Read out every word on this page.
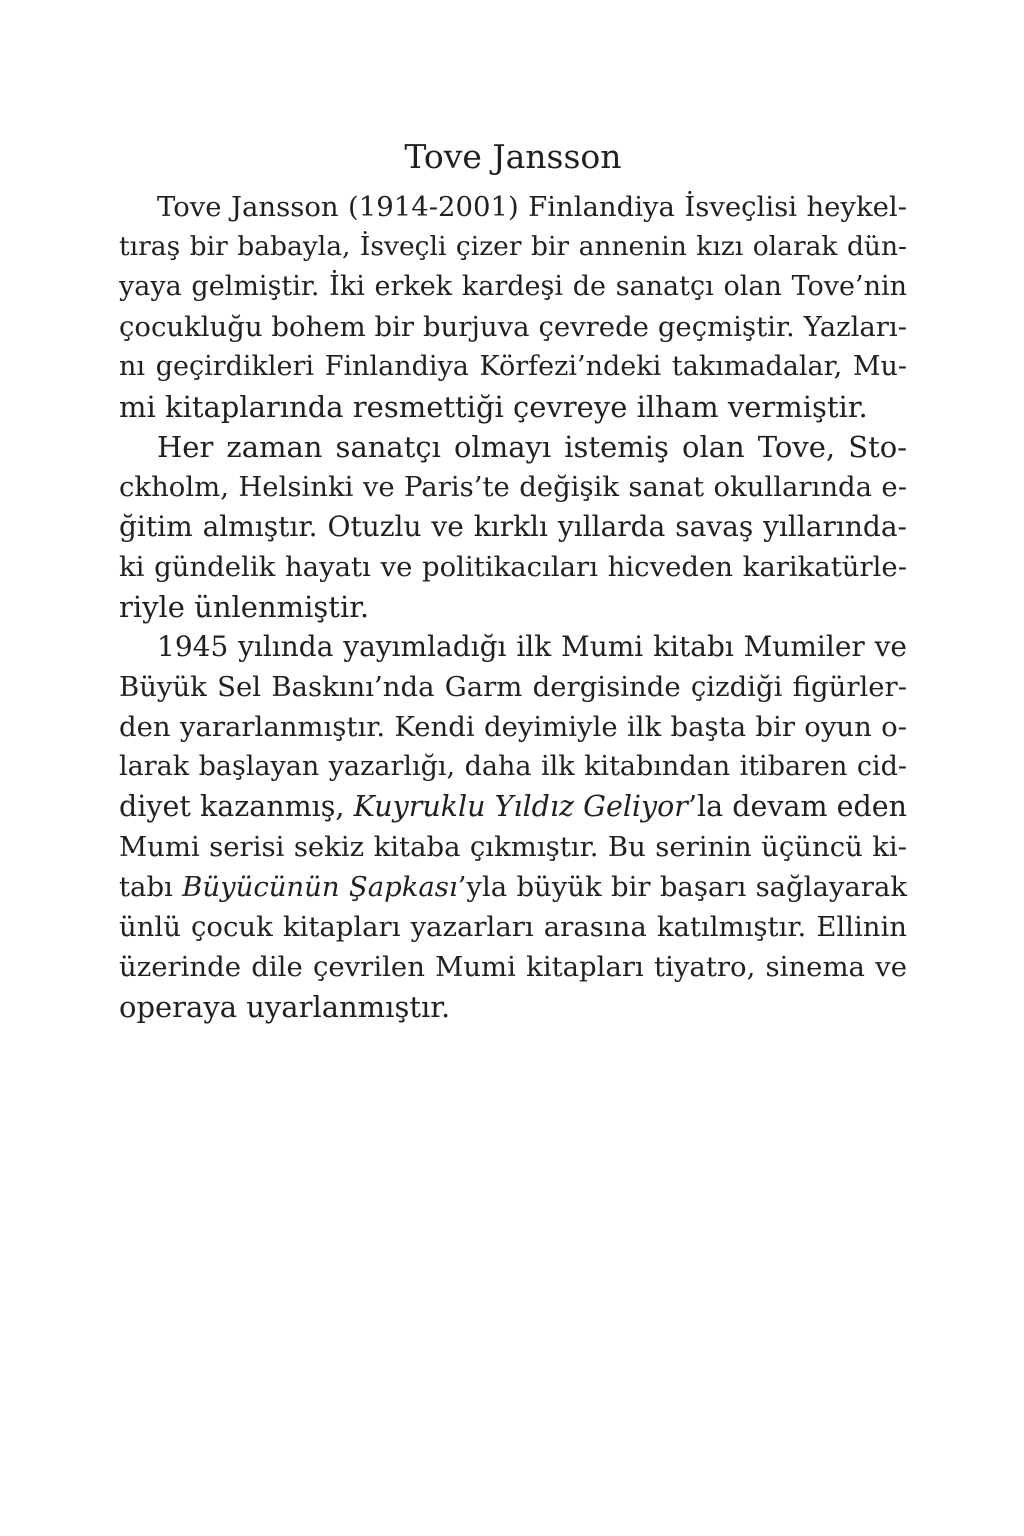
Tove Jansson
Tove Jansson (1914-2001) Finlandiya İsveçlisi heykel-
tıraş bir babayla, İsveçli çizer bir annenin kızı olarak dün-
yaya gelmiştir. İki erkek kardeşi de sanatçı olan Tove’nin
çocukluğu bohem bir burjuva çevrede geçmiştir. Yazları-
nı geçirdikleri Finlandiya Körfezi’ndeki takımadalar, Mu-
mi kitaplarında resmettiği çevreye ilham vermiştir.
Her zaman sanatçı olmayı istemiş olan Tove, Sto-
ckholm, Helsinki ve Paris’te değişik sanat okullarında e-
ğitim almıştır. Otuzlu ve kırklı yıllarda savaş yıllarında-
ki gündelik hayatı ve politikacıları hicveden karikatürle-
riyle ünlenmiştir.
1945 yılında yayımladığı ilk Mumi kitabı Mumiler ve
Büyük Sel Baskını’nda Garm dergisinde çizdiği figürler-
den yararlanmıştır. Kendi deyimiyle ilk başta bir oyun o-
larak başlayan yazarlığı, daha ilk kitabından itibaren cid-
diyet kazanmış, Kuyruklu Yıldız Geliyor’la devam eden
Mumi serisi sekiz kitaba çıkmıştır. Bu serinin üçüncü ki-
tabı Büyücünün Şapkası’yla büyük bir başarı sağlayarak
ünlü çocuk kitapları yazarları arasına katılmıştır. Ellinin
üzerinde dile çevrilen Mumi kitapları tiyatro, sinema ve
operaya uyarlanmıştır.
